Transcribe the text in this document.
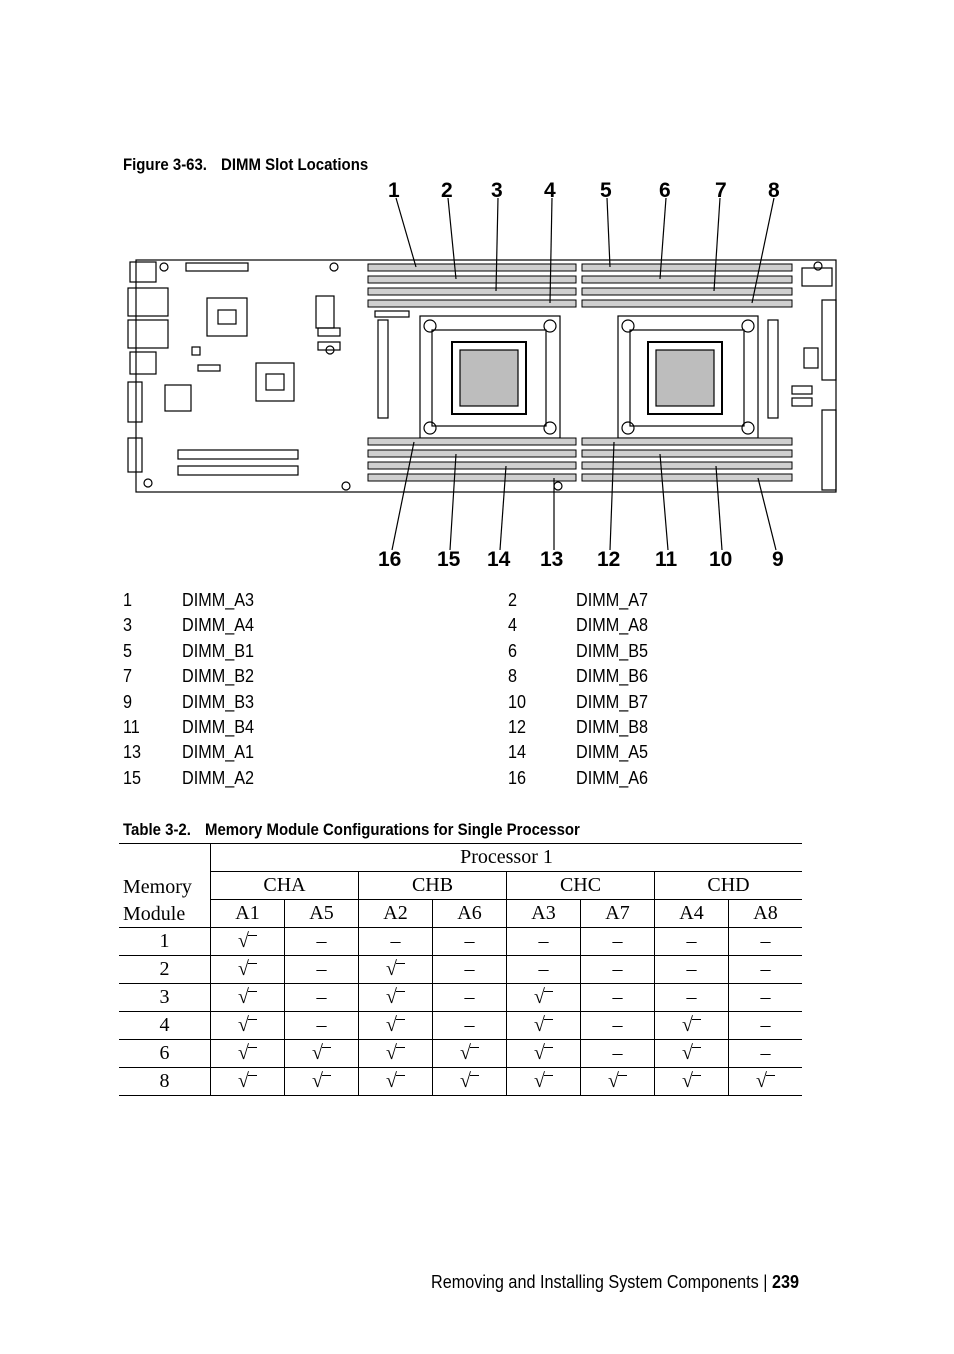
Figure 3-63. DIMM Slot Locations
1 2 3 4 5 6 7 8
16 15 14 13 12 11 10 9
1	DIMM_A3	2	DIMM_A7
3	DIMM_A4	4	DIMM_A8
5	DIMM_B1	6	DIMM_B5
7	DIMM_B2	8	DIMM_B6
9	DIMM_B3	10	DIMM_B7
11 DIMM_B4	12	DIMM_B8
13 DIMM_A1	14	DIMM_A5
15 DIMM_A2	16	DIMM_A6
Table 3-2. Memory Module Configurations for Single Processor
	Processor 1							
Memory	CHA		CHB		CHC		CHD	
Module	A1	A5	A2	A6	A3	A7	A4	A8
1	√	–	–	–	–	–	–	–
2	√	–	√	–	–	–	–	–
3	√	–	√	–	√	–	–	–
4	√	–	√	–	√	–	√	–
6	√	√	√	√	√	–	√	–
8	√	√	√	√	√	√	√	√
Removing and Installing System Components | 239
